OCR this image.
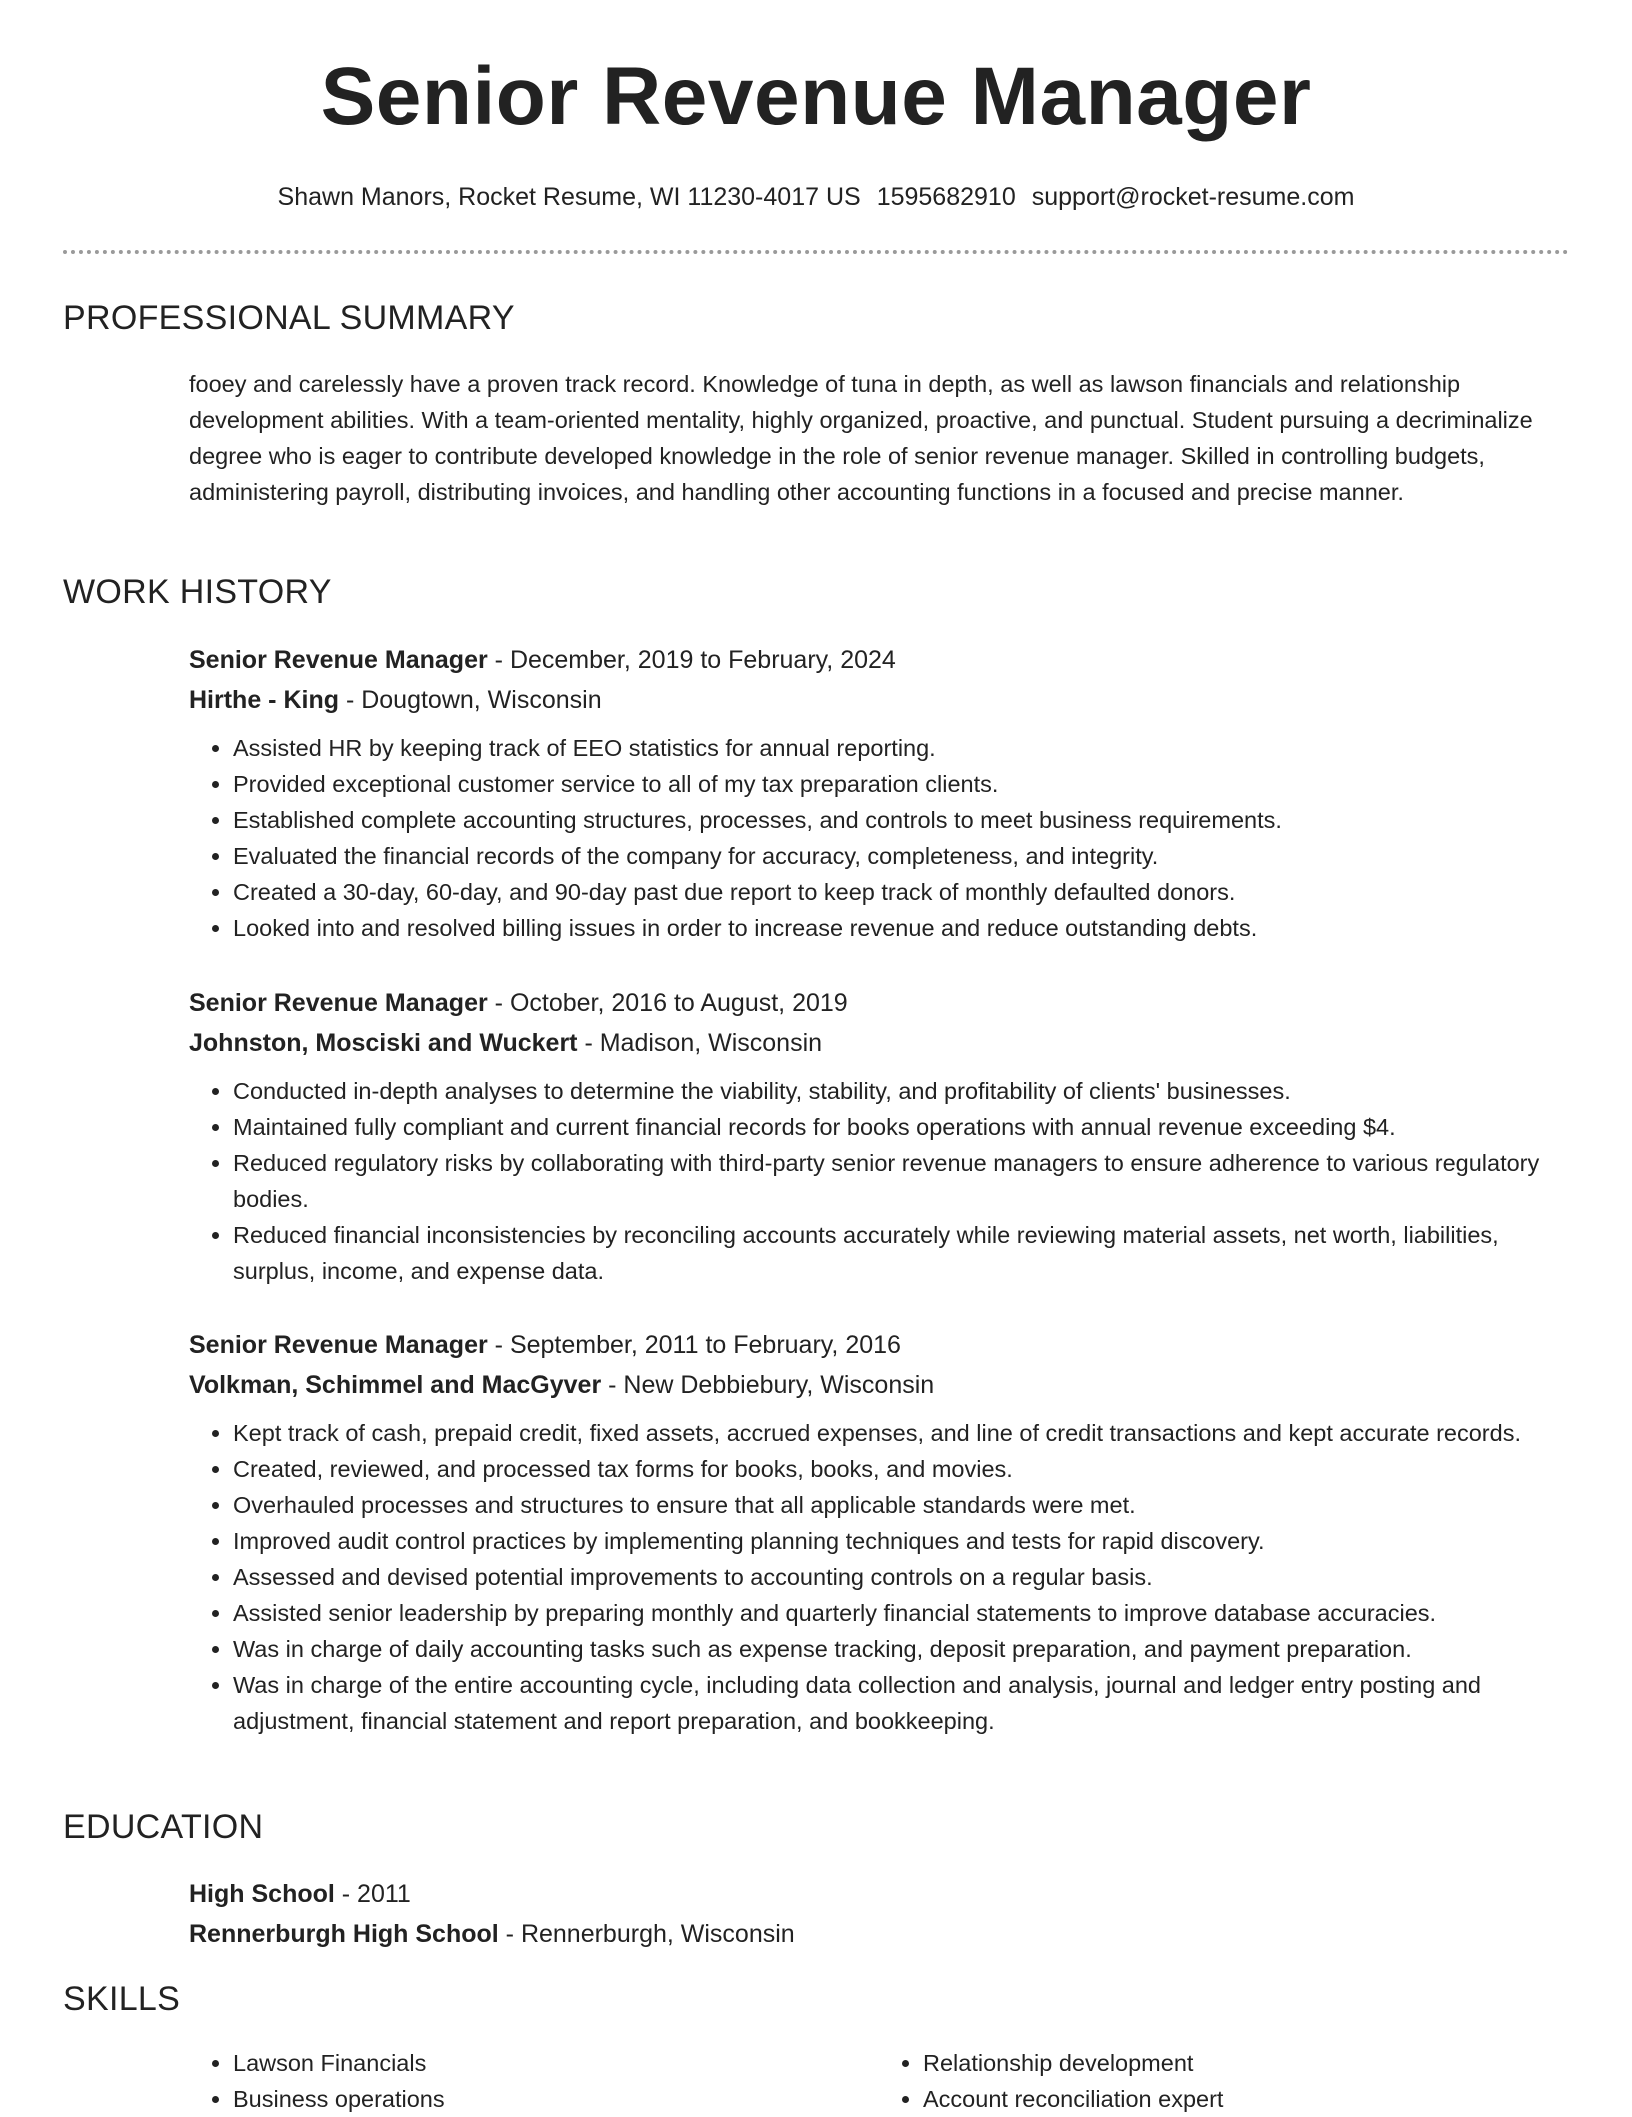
Senior Revenue Manager
Shawn Manors, Rocket Resume, WI 11230-4017 US 1595682910 support@rocket-resume.com
PROFESSIONAL SUMMARY

fooey and carelessly have a proven track record. Knowledge of tuna in depth, as well as lawson financials and relationship development abilities. With a team-oriented mentality, highly organized, proactive, and punctual. Student pursuing a decriminalize degree who is eager to contribute developed knowledge in the role of senior revenue manager. Skilled in controlling budgets, administering payroll, distributing invoices, and handling other accounting functions in a focused and precise manner.

WORK HISTORY

Senior Revenue Manager - December, 2019 to February, 2024

Hirthe - King - Dougtown, Wisconsin

• Assisted HR by keeping track of EEO statistics for annual reporting.
• Provided exceptional customer service to all of my tax preparation clients.
• Established complete accounting structures, processes, and controls to meet business requirements.
• Evaluated the financial records of the company for accuracy, completeness, and integrity.
• Created a 30-day, 60-day, and 90-day past due report to keep track of monthly defaulted donors.
• Looked into and resolved billing issues in order to increase revenue and reduce outstanding debts.

Senior Revenue Manager - October, 2016 to August, 2019

Johnston, Mosciski and Wuckert - Madison, Wisconsin

• Conducted in-depth analyses to determine the viability, stability, and profitability of clients' businesses.
• Maintained fully compliant and current financial records for books operations with annual revenue exceeding $4.
• Reduced regulatory risks by collaborating with third-party senior revenue managers to ensure adherence to various regulatory bodies.
• Reduced financial inconsistencies by reconciling accounts accurately while reviewing material assets, net worth, liabilities, surplus, income, and expense data.

Senior Revenue Manager - September, 2011 to February, 2016

Volkman, Schimmel and MacGyver - New Debbiebury, Wisconsin

• Kept track of cash, prepaid credit, fixed assets, accrued expenses, and line of credit transactions and kept accurate records.
• Created, reviewed, and processed tax forms for books, books, and movies.
• Overhauled processes and structures to ensure that all applicable standards were met.
• Improved audit control practices by implementing planning techniques and tests for rapid discovery.
• Assessed and devised potential improvements to accounting controls on a regular basis.
• Assisted senior leadership by preparing monthly and quarterly financial statements to improve database accuracies.
• Was in charge of daily accounting tasks such as expense tracking, deposit preparation, and payment preparation.
• Was in charge of the entire accounting cycle, including data collection and analysis, journal and ledger entry posting and adjustment, financial statement and report preparation, and bookkeeping.
EDUCATION

High School - 2011

Rennerburgh High School - Rennerburgh, Wisconsin

SKILLS
• Lawson Financials
• Business operations
• Relationship development
• Account reconciliation expert
